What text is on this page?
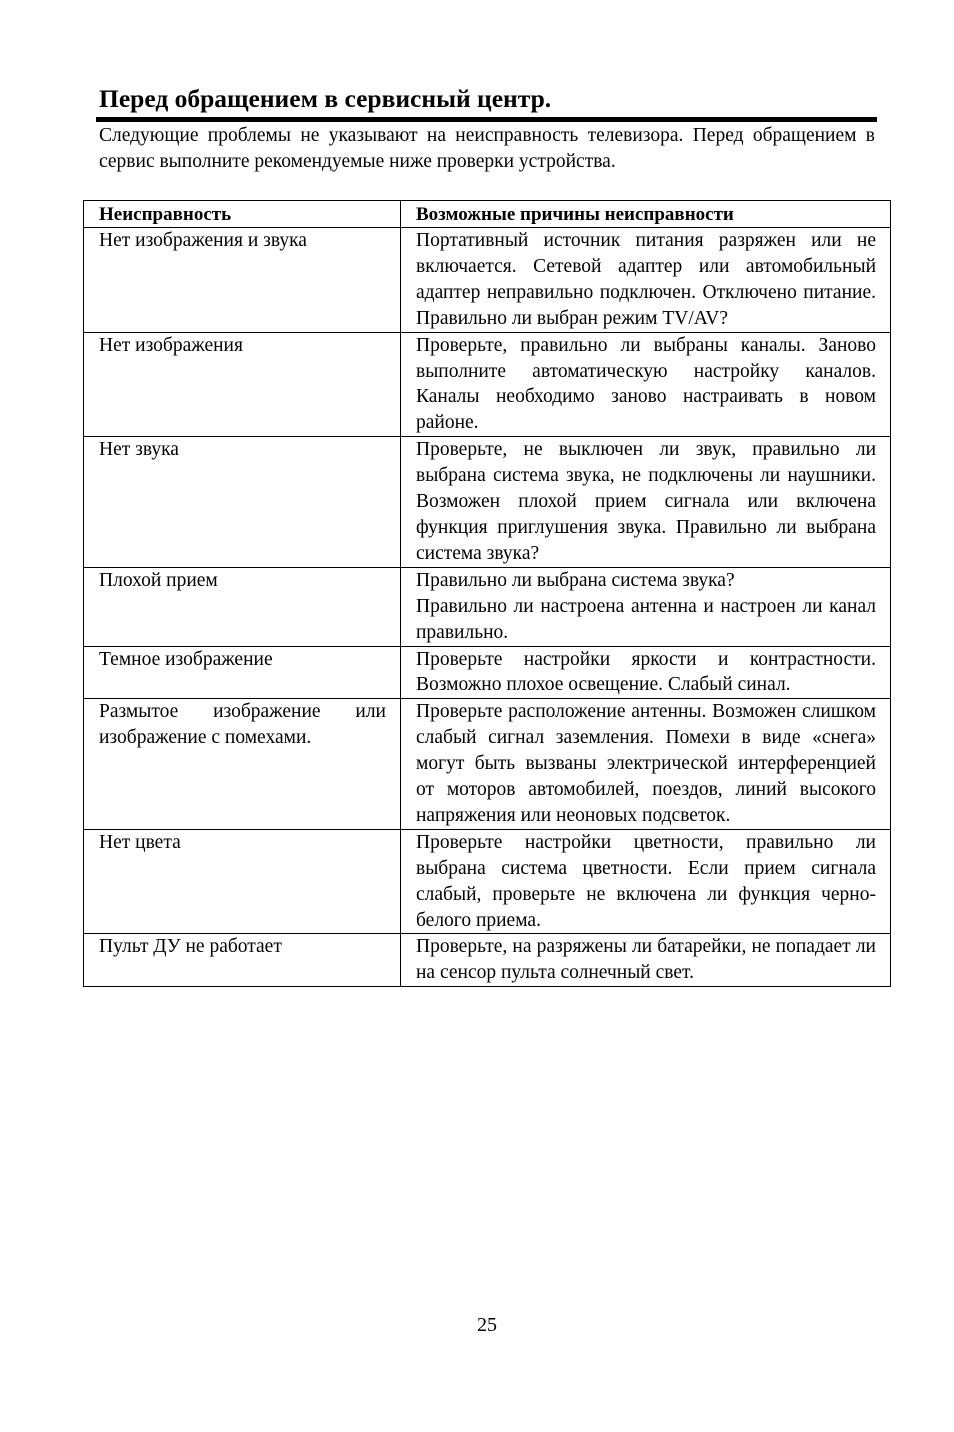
Перед обращением в сервисный центр.

Следующие проблемы не указывают на неисправность телевизора. Перед обращением в сервис выполните рекомендуемые ниже проверки устройства.

Неисправность	Возможные причины неисправности
Нет изображения и звука	Портативный источник питания разряжен или не включается. Сетевой адаптер или автомобильный адаптер неправильно подключен. Отключено питание. Правильно ли выбран режим TV/AV?
Нет изображения	Проверьте, правильно ли выбраны каналы. Заново выполните автоматическую настройку каналов. Каналы необходимо заново настраивать в новом районе.
Нет звука	Проверьте, не выключен ли звук, правильно ли выбрана система звука, не подключены ли наушники. Возможен плохой прием сигнала или включена функция приглушения звука. Правильно ли выбрана система звука?
Плохой прием	Правильно ли выбрана система звука?
Правильно ли настроена антенна и настроен ли канал правильно.

Темное изображение	Проверьте настройки яркости и контрастности. Возможно плохое освещение. Слабый синал.
Размытое изображение или изображение с помехами.	Проверьте расположение антенны. Возможен слишком слабый сигнал заземления. Помехи в виде «снега» могут быть вызваны электрической интерференцией от моторов автомобилей, поездов, линий высокого напряжения или неоновых подсветок.
Нет цвета	Проверьте настройки цветности, правильно ли выбрана система цветности. Если прием сигнала слабый, проверьте не включена ли функция черно-белого приема.
Пульт ДУ не работает	Проверьте, на разряжены ли батарейки, не попадает ли на сенсор пульта солнечный свет.
25
